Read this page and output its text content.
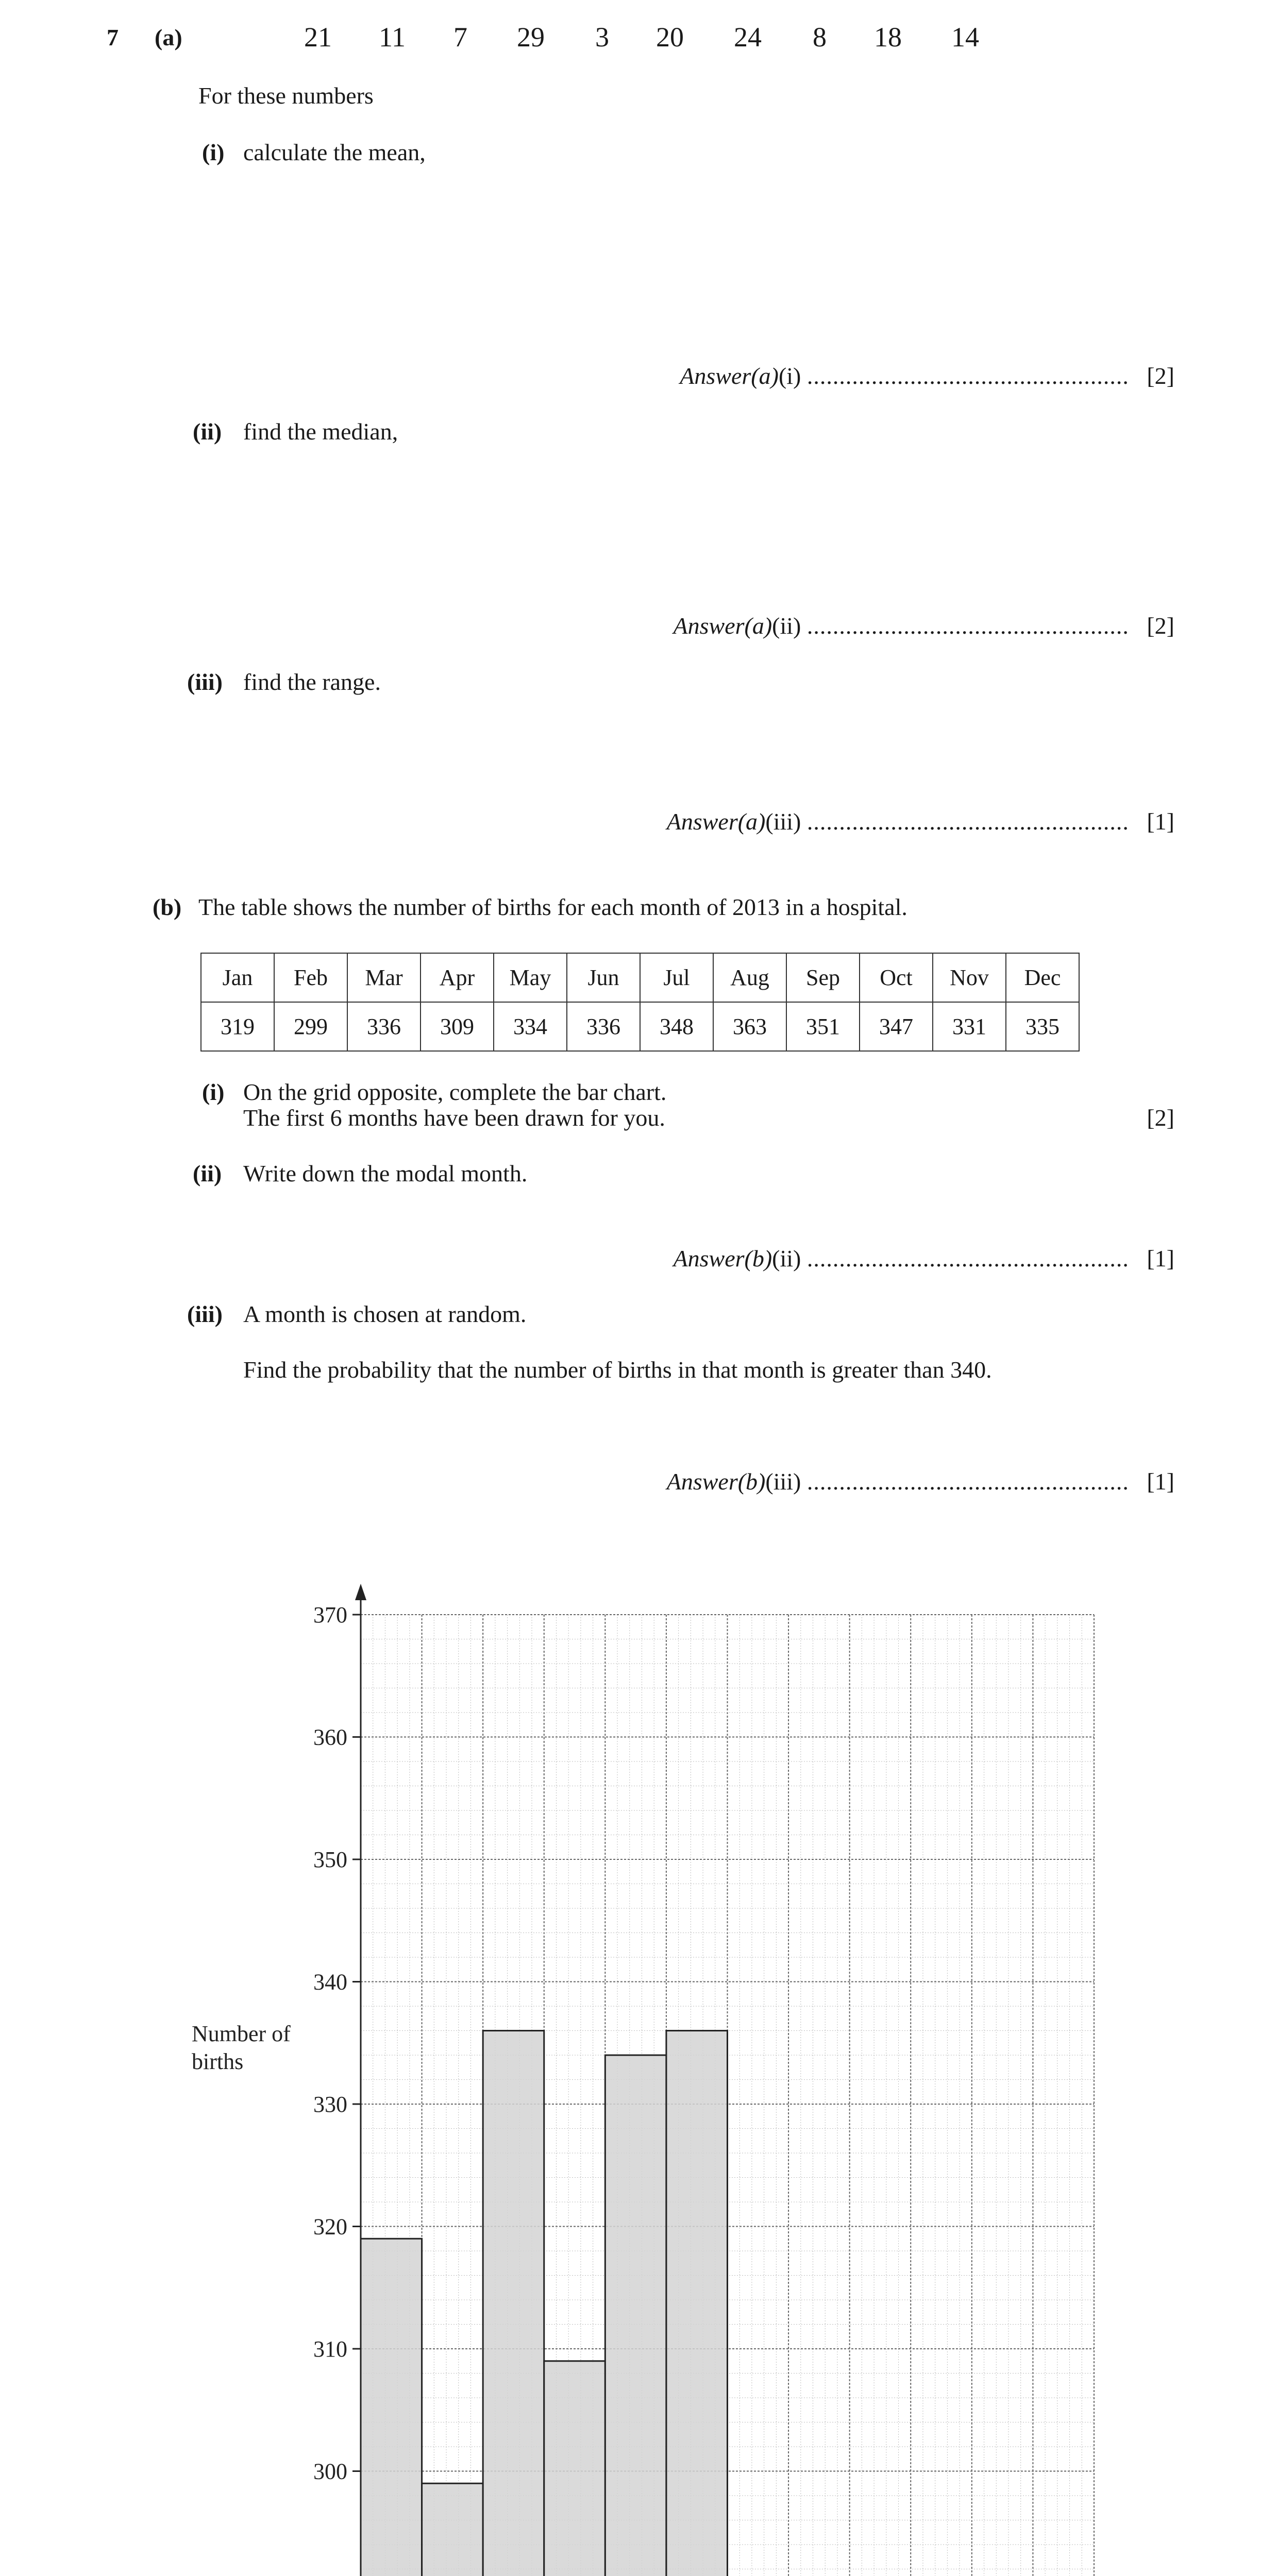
7 (a)	21 11 7 29 3 20 24 8 18 14
For these numbers
(i) calculate the mean,
Answer(a)(i) .................................................. [2]
(ii) find the median,
Answer(a)(ii) .................................................. [2]
(iii) find the range.
Answer(a)(iii) .................................................. [1]
(b) The table shows the number of births for each month of 2013 in a hospital.
Jan	Feb	Mar	Apr	May	Jun	Jul	Aug	Sep	Oct	Nov	Dec
319	299	336	309	334	336	348	363	351	347	331	335
(i) On the grid opposite, complete the bar chart.
The first 6 months have been drawn for you.	[2]
(ii) Write down the modal month.
Answer(b)(ii) .................................................. [1]
(iii) A month is chosen at random.
Find the probability that the number of births in that month is greater than 340.
Answer(b)(iii) .................................................. [1]
300
310
320
330
340
350
360
370
Number of
births
